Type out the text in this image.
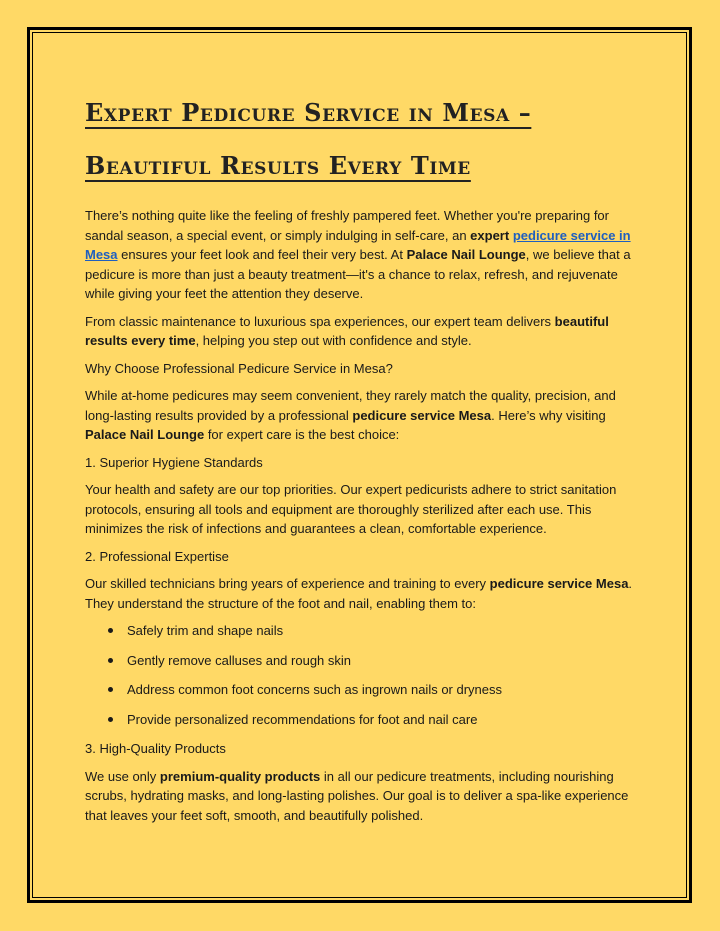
Expert Pedicure Service in Mesa –
Beautiful Results Every Time

There’s nothing quite like the feeling of freshly pampered feet. Whether you're preparing for sandal season, a special event, or simply indulging in self-care, an expert pedicure service in Mesa ensures your feet look and feel their very best. At Palace Nail Lounge, we believe that a pedicure is more than just a beauty treatment—it's a chance to relax, refresh, and rejuvenate while giving your feet the attention they deserve.

From classic maintenance to luxurious spa experiences, our expert team delivers beautiful results every time, helping you step out with confidence and style.

Why Choose Professional Pedicure Service in Mesa?

While at-home pedicures may seem convenient, they rarely match the quality, precision, and long-lasting results provided by a professional pedicure service Mesa. Here’s why visiting Palace Nail Lounge for expert care is the best choice:

1. Superior Hygiene Standards

Your health and safety are our top priorities. Our expert pedicurists adhere to strict sanitation protocols, ensuring all tools and equipment are thoroughly sterilized after each use. This minimizes the risk of infections and guarantees a clean, comfortable experience.

2. Professional Expertise

Our skilled technicians bring years of experience and training to every pedicure service Mesa. They understand the structure of the foot and nail, enabling them to:

Safely trim and shape nails
Gently remove calluses and rough skin
Address common foot concerns such as ingrown nails or dryness
Provide personalized recommendations for foot and nail care

3. High-Quality Products

We use only premium-quality products in all our pedicure treatments, including nourishing scrubs, hydrating masks, and long-lasting polishes. Our goal is to deliver a spa-like experience that leaves your feet soft, smooth, and beautifully polished.
